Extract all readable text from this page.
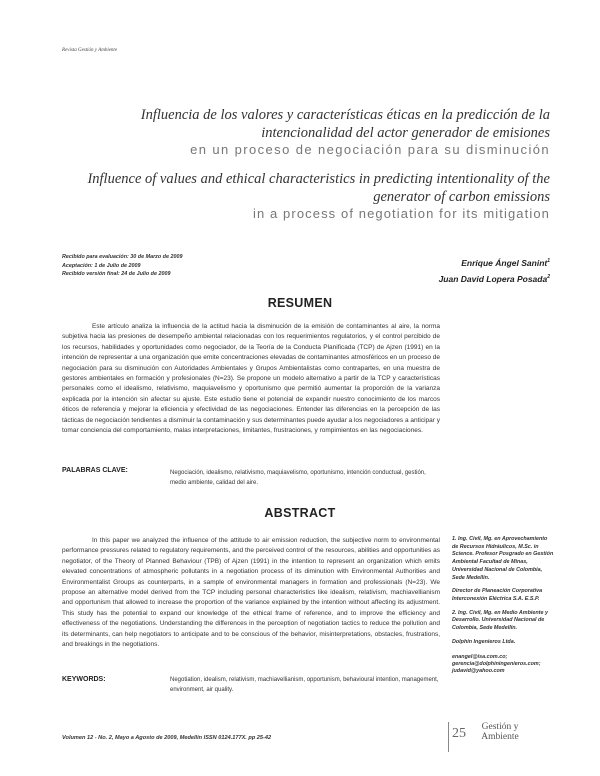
Revista Gestión y Ambiente
Influencia de los valores y características éticas en la predicción de la intencionalidad del actor generador de emisiones
en un proceso de negociación para su disminución
Influence of values and ethical characteristics in predicting intentionality of the generator of carbon emissions
in a process of negotiation for its mitigation
Recibido para evaluación: 30 de Marzo de 2009
Aceptación: 1 de Julio de 2009
Recibido versión final: 24 de Julio de 2009
Enrique Ángel Sanint$^1$
Juan David Lopera Posada$^2$
RESUMEN

Este artículo analiza la influencia de la actitud hacia la disminución de la emisión de contaminantes al aire, la norma subjetiva hacia las presiones de desempeño ambiental relacionadas con los requerimientos regulatorios, y el control percibido de los recursos, habilidades y oportunidades como negociador, de la Teoría de la Conducta Planificada (TCP) de Ajzen (1991) en la intención de representar a una organización que emite concentraciones elevadas de contaminantes atmosféricos en un proceso de negociación para su disminución con Autoridades Ambientales y Grupos Ambientalistas como contrapartes, en una muestra de gestores ambientales en formación y profesionales (N=23). Se propone un modelo alternativo a partir de la TCP y características personales como el idealismo, relativismo, maquiavelismo y oportunismo que permitió aumentar la proporción de la varianza explicada por la intención sin afectar su ajuste. Este estudio tiene el potencial de expandir nuestro conocimiento de los marcos éticos de referencia y mejorar la eficiencia y efectividad de las negociaciones. Entender las diferencias en la percepción de las tácticas de negociación tendientes a disminuir la contaminación y sus determinantes puede ayudar a los negociadores a anticipar y tomar conciencia del comportamiento, malas interpretaciones, limitantes, frustraciones, y rompimientos en las negociaciones.

PALABRAS CLAVE:	Negociación, idealismo, relativismo, maquiavelismo, oportunismo, intención conductual, gestión, medio ambiente, calidad del aire.
ABSTRACT

In this paper we analyzed the influence of the attitude to air emission reduction, the subjective norm to environmental performance pressures related to regulatory requirements, and the perceived control of the resources, abilities and opportunities as negotiator, of the Theory of Planned Behaviour (TPB) of Ajzen (1991) in the intention to represent an organization which emits elevated concentrations of atmospheric pollutants in a negotiation process of its diminution with Environmental Authorities and Environmentalist Groups as counterparts, in a sample of environmental managers in formation and professionals (N=23). We propose an alternative model derived from the TCP including personal characteristics like idealism, relativism, machiavellianism and opportunism that allowed to increase the proportion of the variance explained by the intention without affecting its adjustment. This study has the potential to expand our knowledge of the ethical frame of reference, and to improve the efficiency and effectiveness of the negotiations. Understanding the differences in the perception of negotiation tactics to reduce the pollution and its determinants, can help negotiators to anticipate and to be conscious of the behavior, misinterpretations, obstacles, frustrations, and breakings in the negotiations.

KEYWORDS:	Negotiation, idealism, relativism, machiavellianism, opportunism, behavioural intention, management, environment, air quality.

1. Ing. Civil, Mg. en Aprovechamiento de Recursos Hidráulicos, M.Sc. in Science. Profesor Posgrado en Gestión Ambiental Facultad de Minas, Universidad Nacional de Colombia, Sede Medellín.

Director de Planeación Corporativa Interconexión Eléctrica S.A. E.S.P.

2. Ing. Civil, Mg. en Medio Ambiente y Desarrollo. Universidad Nacional de Colombia, Sede Medellín.

Dolphin Ingenieros Ltda.

enangel@isa.com.co; gerencia@dolphiningenieros.com; judavid@yahoo.com

Volumen 12 - No. 2, Mayo a Agosto de 2009, Medellín ISSN 0124.177X. pp 25-42
Gestión y
Ambiente
25
